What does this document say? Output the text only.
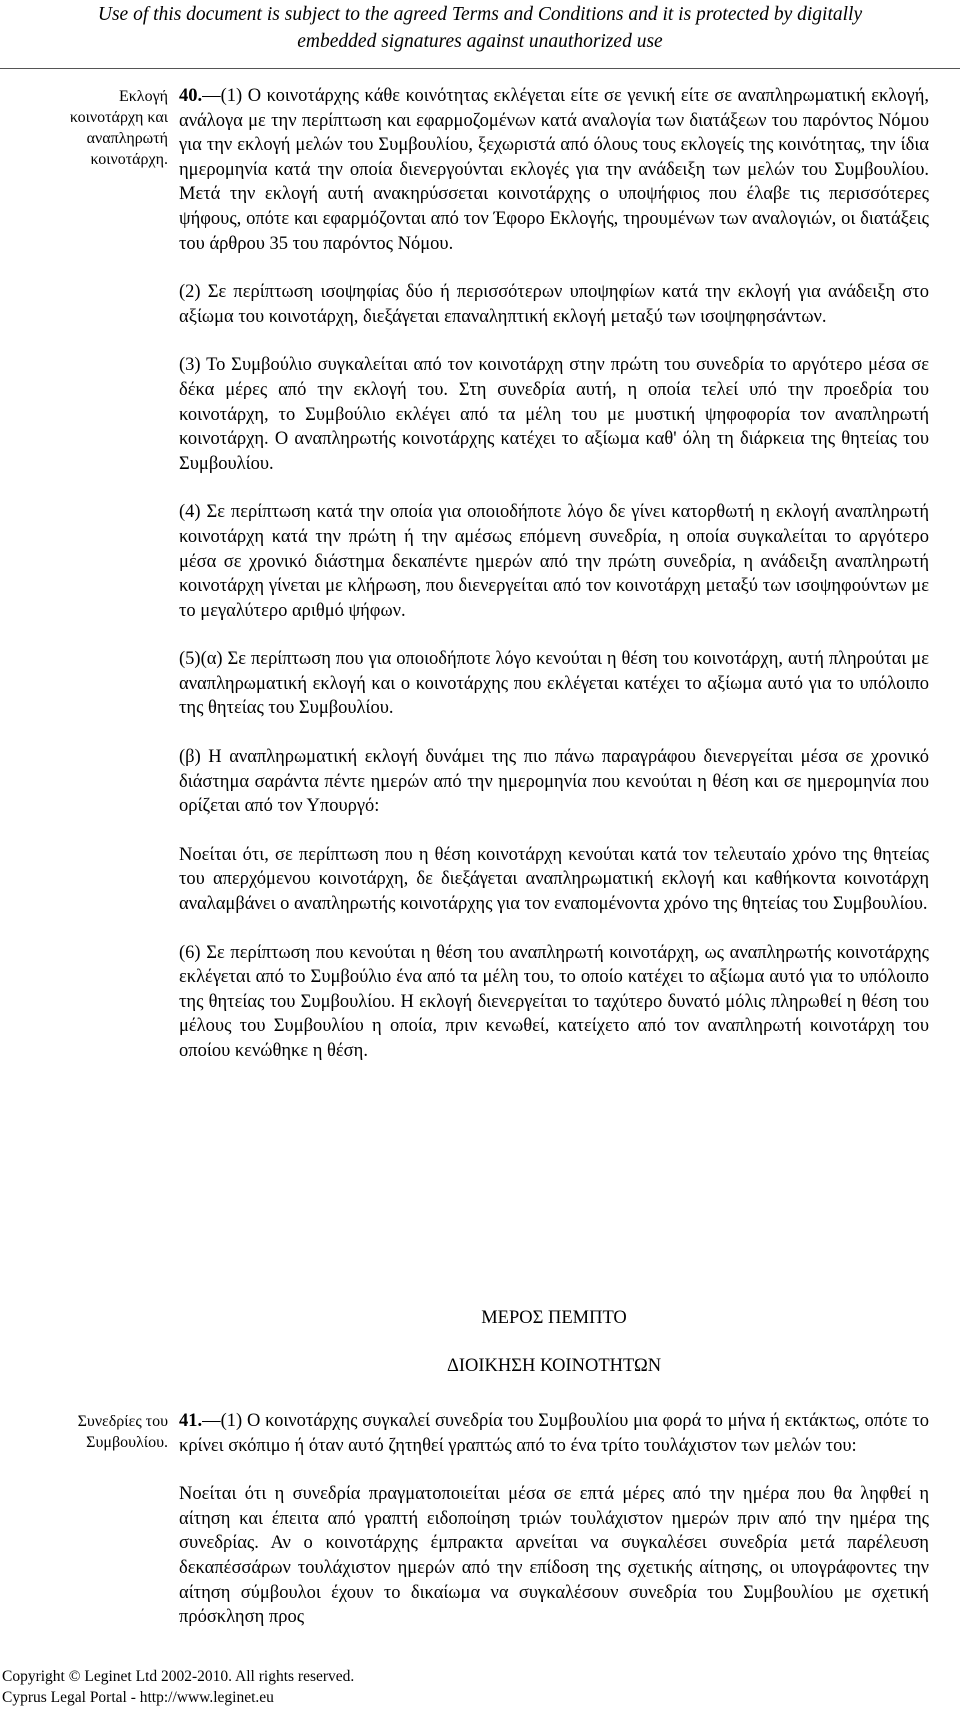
Use of this document is subject to the agreed Terms and Conditions and it is protected by digitally
embedded signatures against unauthorized use
Εκλογή
κοινοτάρχη και
αναπληρωτή
κοινοτάρχη.

40.—(1) Ο κοινοτάρχης κάθε κοινότητας εκλέγεται είτε σε γενική είτε σε αναπληρωματική εκλογή, ανάλογα με την περίπτωση και εφαρμοζομένων κατά αναλογία των διατάξεων του παρόντος Νόμου για την εκλογή μελών του Συμβουλίου, ξεχωριστά από όλους τους εκλογείς της κοινότητας, την ίδια ημερομηνία κατά την οποία διενεργούνται εκλογές για την ανάδειξη των μελών του Συμβουλίου. Μετά την εκλογή αυτή ανακηρύσσεται κοινοτάρχης ο υποψήφιος που έλαβε τις περισσότερες ψήφους, οπότε και εφαρμόζονται από τον Έφορο Εκλογής, τηρουμένων των αναλογιών, οι διατάξεις του άρθρου 35 του παρόντος Νόμου.

(2) Σε περίπτωση ισοψηφίας δύο ή περισσότερων υποψηφίων κατά την εκλογή για ανάδειξη στο αξίωμα του κοινοτάρχη, διεξάγεται επαναληπτική εκλογή μεταξύ των ισοψηφησάντων.

(3) Το Συμβούλιο συγκαλείται από τον κοινοτάρχη στην πρώτη του συνεδρία το αργότερο μέσα σε δέκα μέρες από την εκλογή του. Στη συνεδρία αυτή, η οποία τελεί υπό την προεδρία του κοινοτάρχη, το Συμβούλιο εκλέγει από τα μέλη του με μυστική ψηφοφορία τον αναπληρωτή κοινοτάρχη. Ο αναπληρωτής κοινοτάρχης κατέχει το αξίωμα καθ' όλη τη διάρκεια της θητείας του Συμβουλίου.

(4) Σε περίπτωση κατά την οποία για οποιοδήποτε λόγο δε γίνει κατορθωτή η εκλογή αναπληρωτή κοινοτάρχη κατά την πρώτη ή την αμέσως επόμενη συνεδρία, η οποία συγκαλείται το αργότερο μέσα σε χρονικό διάστημα δεκαπέντε ημερών από την πρώτη συνεδρία, η ανάδειξη αναπληρωτή κοινοτάρχη γίνεται με κλήρωση, που διενεργείται από τον κοινοτάρχη μεταξύ των ισοψηφούντων με το μεγαλύτερο αριθμό ψήφων.

(5)(α) Σε περίπτωση που για οποιοδήποτε λόγο κενούται η θέση του κοινοτάρχη, αυτή πληρούται με αναπληρωματική εκλογή και ο κοινοτάρχης που εκλέγεται κατέχει το αξίωμα αυτό για το υπόλοιπο της θητείας του Συμβουλίου.

(β) Η αναπληρωματική εκλογή δυνάμει της πιο πάνω παραγράφου διενεργείται μέσα σε χρονικό διάστημα σαράντα πέντε ημερών από την ημερομηνία που κενούται η θέση και σε ημερομηνία που ορίζεται από τον Υπουργό:

Νοείται ότι, σε περίπτωση που η θέση κοινοτάρχη κενούται κατά τον τελευταίο χρόνο της θητείας του απερχόμενου κοινοτάρχη, δε διεξάγεται αναπληρωματική εκλογή και καθήκοντα κοινοτάρχη αναλαμβάνει ο αναπληρωτής κοινοτάρχης για τον εναπομένοντα χρόνο της θητείας του Συμβουλίου.

(6) Σε περίπτωση που κενούται η θέση του αναπληρωτή κοινοτάρχη, ως αναπληρωτής κοινοτάρχης εκλέγεται από το Συμβούλιο ένα από τα μέλη του, το οποίο κατέχει το αξίωμα αυτό για το υπόλοιπο της θητείας του Συμβουλίου. Η εκλογή διενεργείται το ταχύτερο δυνατό μόλις πληρωθεί η θέση του μέλους του Συμβουλίου η οποία, πριν κενωθεί, κατείχετο από τον αναπληρωτή κοινοτάρχη του οποίου κενώθηκε η θέση.

ΜΕΡΟΣ ΠΕΜΠΤΟ
ΔΙΟΙΚΗΣΗ ΚΟΙΝΟΤΗΤΩΝ
Συνεδρίες του
Συμβουλίου.

41.—(1) Ο κοινοτάρχης συγκαλεί συνεδρία του Συμβουλίου μια φορά το μήνα ή εκτάκτως, οπότε το κρίνει σκόπιμο ή όταν αυτό ζητηθεί γραπτώς από το ένα τρίτο τουλάχιστον των μελών του:

Νοείται ότι η συνεδρία πραγματοποιείται μέσα σε επτά μέρες από την ημέρα που θα ληφθεί η αίτηση και έπειτα από γραπτή ειδοποίηση τριών τουλάχιστον ημερών πριν από την ημέρα της συνεδρίας. Αν ο κοινοτάρχης έμπρακτα αρνείται να συγκαλέσει συνεδρία μετά παρέλευση δεκαπέσσάρων τουλάχιστον ημερών από την επίδοση της σχετικής αίτησης, οι υπογράφοντες την αίτηση σύμβουλοι έχουν το δικαίωμα να συγκαλέσουν συνεδρία του Συμβουλίου με σχετική πρόσκληση προς

Copyright © Leginet Ltd 2002-2010. All rights reserved.
Cyprus Legal Portal - http://www.leginet.eu
